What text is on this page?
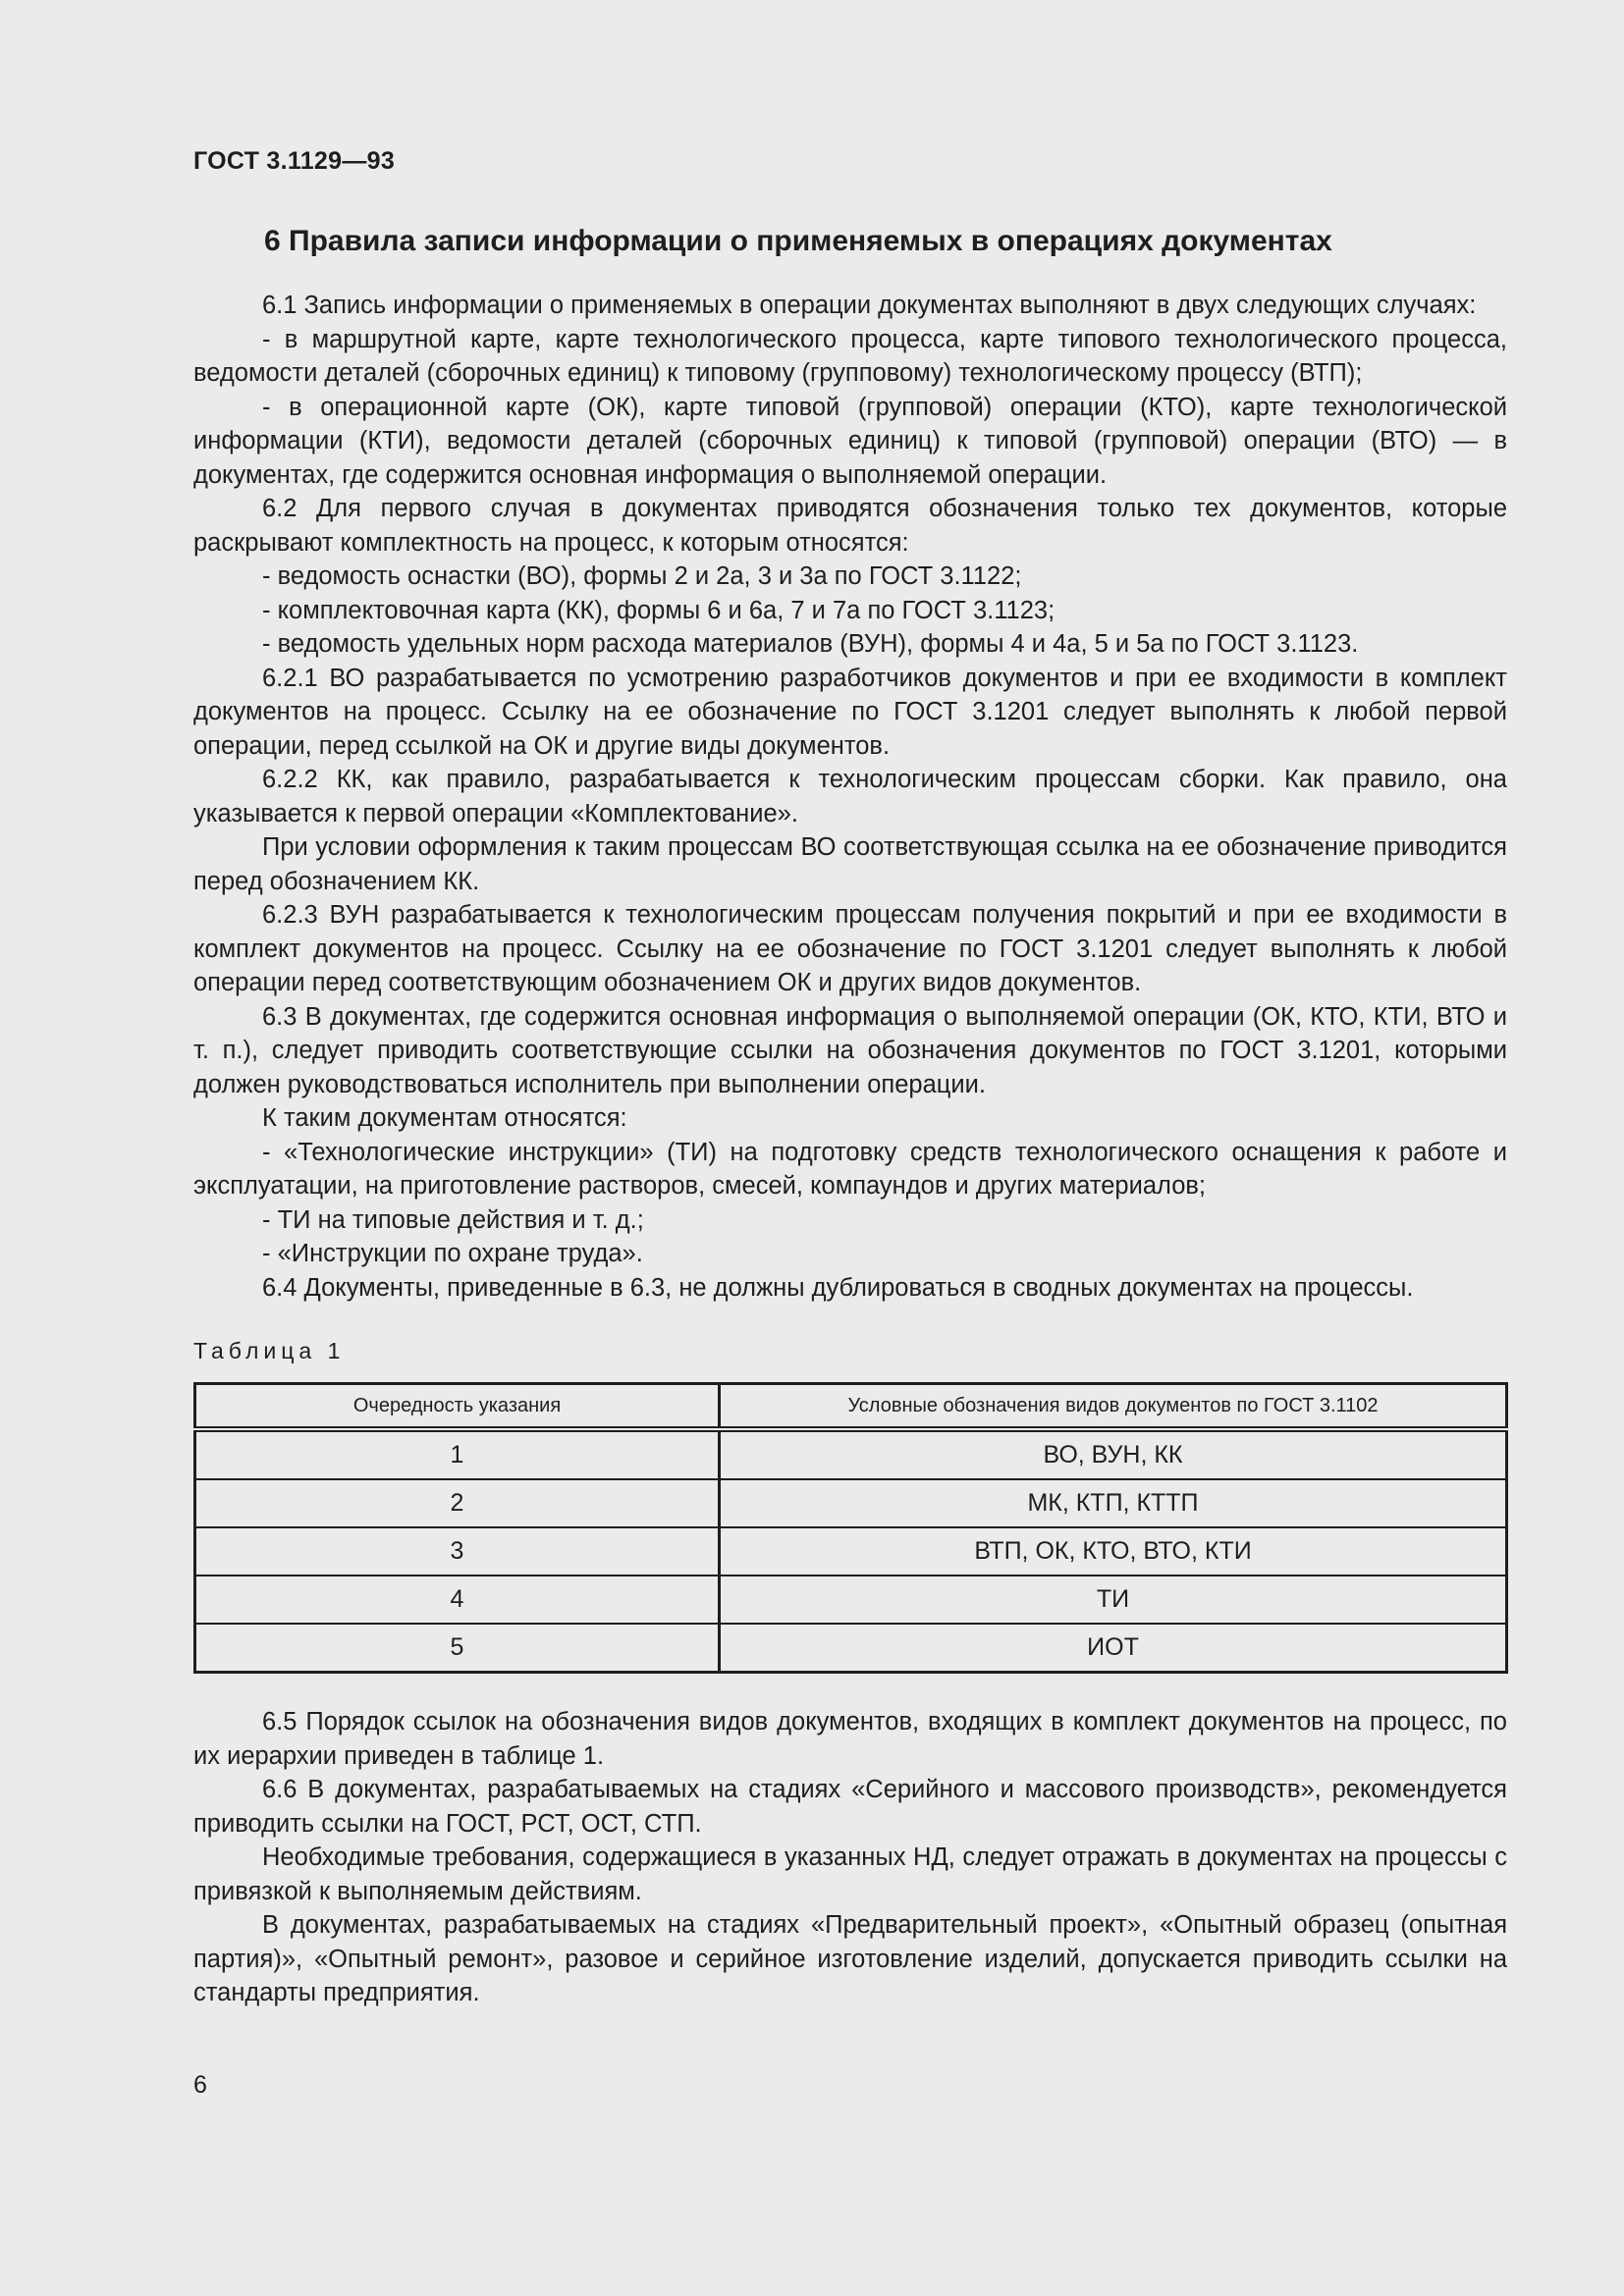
ГОСТ 3.1129—93
6 Правила записи информации о применяемых в операциях документах

6.1 Запись информации о применяемых в операции документах выполняют в двух следующих случаях:

- в маршрутной карте, карте технологического процесса, карте типового технологического процесса, ведомости деталей (сборочных единиц) к типовому (групповому) технологическому процессу (ВТП);

- в операционной карте (ОК), карте типовой (групповой) операции (КТО), карте технологической информации (КТИ), ведомости деталей (сборочных единиц) к типовой (групповой) операции (ВТО) — в документах, где содержится основная информация о выполняемой операции.

6.2 Для первого случая в документах приводятся обозначения только тех документов, которые раскрывают комплектность на процесс, к которым относятся:

- ведомость оснастки (ВО), формы 2 и 2а, 3 и 3а по ГОСТ 3.1122;

- комплектовочная карта (КК), формы 6 и 6а, 7 и 7а по ГОСТ 3.1123;

- ведомость удельных норм расхода материалов (ВУН), формы 4 и 4а, 5 и 5а по ГОСТ 3.1123.

6.2.1 ВО разрабатывается по усмотрению разработчиков документов и при ее входимости в комплект документов на процесс. Ссылку на ее обозначение по ГОСТ 3.1201 следует выполнять к любой первой операции, перед ссылкой на ОК и другие виды документов.

6.2.2 КК, как правило, разрабатывается к технологическим процессам сборки. Как правило, она указывается к первой операции «Комплектование».

При условии оформления к таким процессам ВО соответствующая ссылка на ее обозначение приводится перед обозначением КК.

6.2.3 ВУН разрабатывается к технологическим процессам получения покрытий и при ее входимости в комплект документов на процесс. Ссылку на ее обозначение по ГОСТ 3.1201 следует выполнять к любой операции перед соответствующим обозначением ОК и других видов документов.

6.3 В документах, где содержится основная информация о выполняемой операции (ОК, КТО, КТИ, ВТО и т. п.), следует приводить соответствующие ссылки на обозначения документов по ГОСТ 3.1201, которыми должен руководствоваться исполнитель при выполнении операции.

К таким документам относятся:

- «Технологические инструкции» (ТИ) на подготовку средств технологического оснащения к работе и эксплуатации, на приготовление растворов, смесей, компаундов и других материалов;

- ТИ на типовые действия и т. д.;

- «Инструкции по охране труда».

6.4 Документы, приведенные в 6.3, не должны дублироваться в сводных документах на процессы.

Таблица 1
Очередность указания	Условные обозначения видов документов по ГОСТ 3.1102
1	ВО, ВУН, КК
2	МК, КТП, КТТП
3	ВТП, ОК, КТО, ВТО, КТИ
4	ТИ
5	ИОТ

6.5 Порядок ссылок на обозначения видов документов, входящих в комплект документов на процесс, по их иерархии приведен в таблице 1.

6.6 В документах, разрабатываемых на стадиях «Серийного и массового производств», рекомендуется приводить ссылки на ГОСТ, РСТ, ОСТ, СТП.

Необходимые требования, содержащиеся в указанных НД, следует отражать в документах на процессы с привязкой к выполняемым действиям.

В документах, разрабатываемых на стадиях «Предварительный проект», «Опытный образец (опытная партия)», «Опытный ремонт», разовое и серийное изготовление изделий, допускается приводить ссылки на стандарты предприятия.

6
